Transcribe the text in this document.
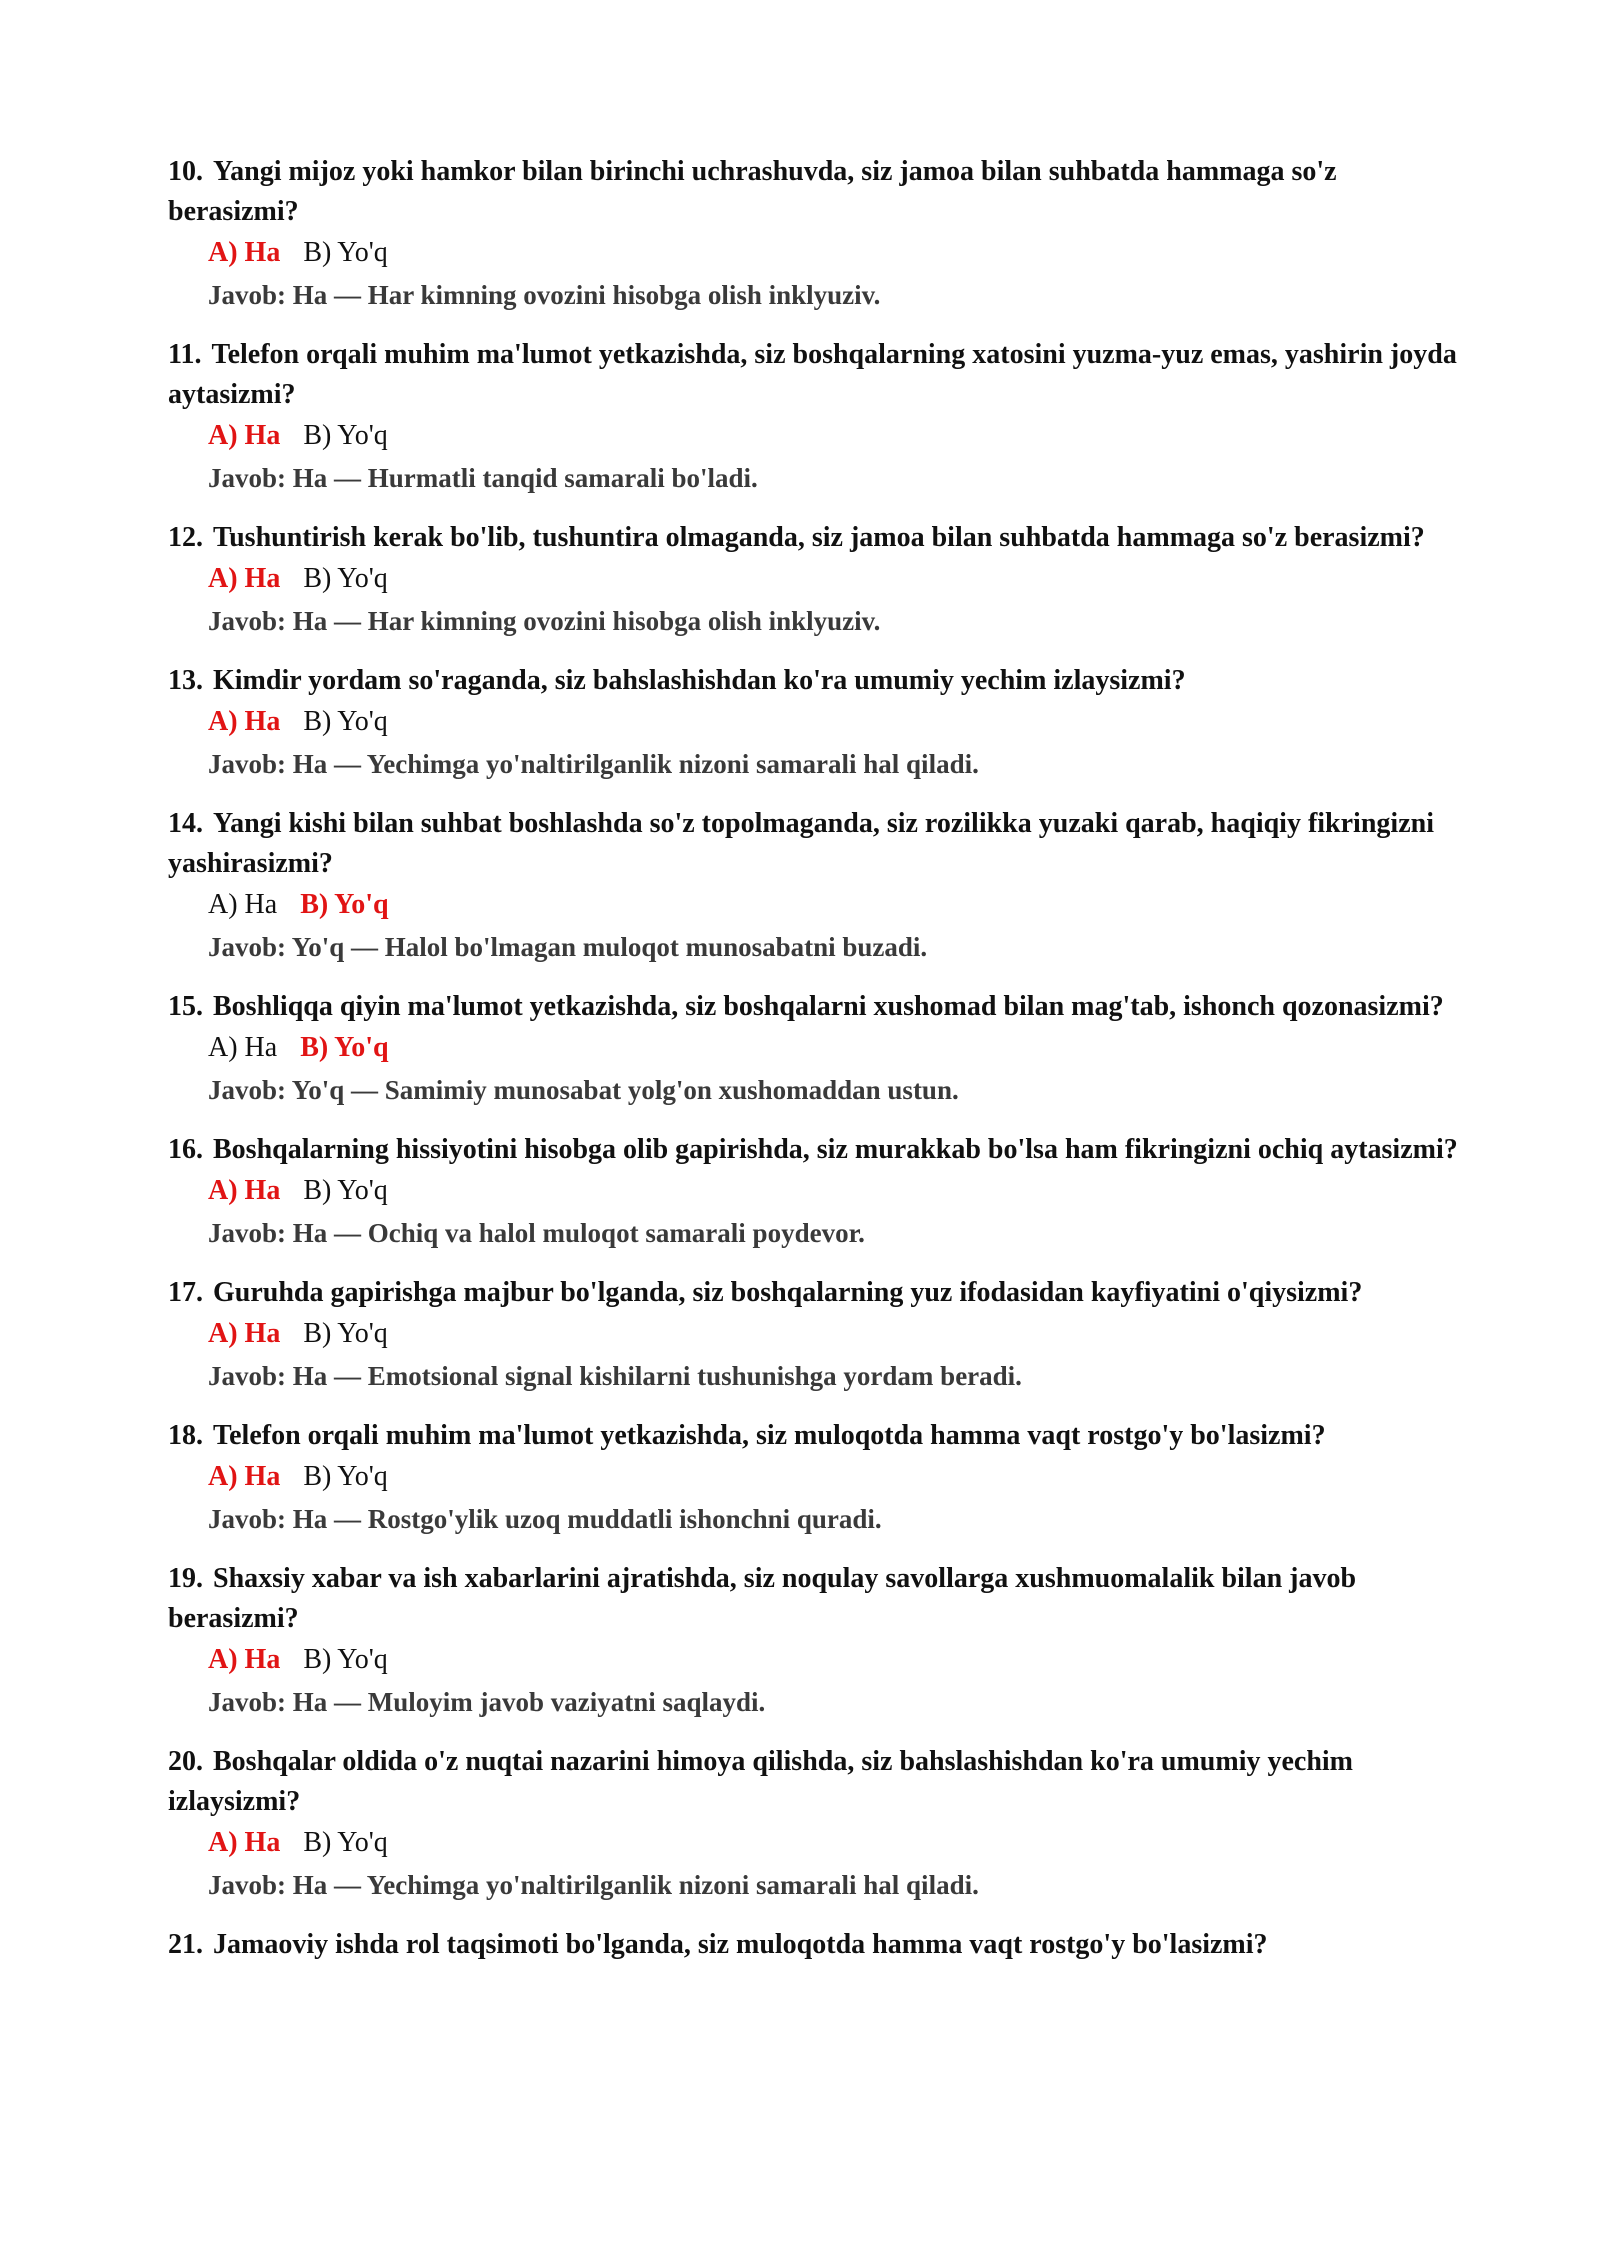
10. Yangi mijoz yoki hamkor bilan birinchi uchrashuvda, siz jamoa bilan suhbatda hammaga so'z berasizmi?
A) Ha B) Yo'q
Javob: Ha — Har kimning ovozini hisobga olish inklyuziv.
11. Telefon orqali muhim ma'lumot yetkazishda, siz boshqalarning xatosini yuzma-yuz emas, yashirin joyda aytasizmi?
A) Ha B) Yo'q
Javob: Ha — Hurmatli tanqid samarali bo'ladi.
12. Tushuntirish kerak bo'lib, tushuntira olmaganda, siz jamoa bilan suhbatda hammaga so'z berasizmi?
A) Ha B) Yo'q
Javob: Ha — Har kimning ovozini hisobga olish inklyuziv.
13. Kimdir yordam so'raganda, siz bahslashishdan ko'ra umumiy yechim izlaysizmi?
A) Ha B) Yo'q
Javob: Ha — Yechimga yo'naltirilganlik nizoni samarali hal qiladi.
14. Yangi kishi bilan suhbat boshlashda so'z topolmaganda, siz rozilikka yuzaki qarab, haqiqiy fikringizni yashirasizmi?
A) Ha B) Yo'q
Javob: Yo'q — Halol bo'lmagan muloqot munosabatni buzadi.
15. Boshliqqa qiyin ma'lumot yetkazishda, siz boshqalarni xushomad bilan mag'tab, ishonch qozonasizmi?
A) Ha B) Yo'q
Javob: Yo'q — Samimiy munosabat yolg'on xushomaddan ustun.
16. Boshqalarning hissiyotini hisobga olib gapirishda, siz murakkab bo'lsa ham fikringizni ochiq aytasizmi?
A) Ha B) Yo'q
Javob: Ha — Ochiq va halol muloqot samarali poydevor.
17. Guruhda gapirishga majbur bo'lganda, siz boshqalarning yuz ifodasidan kayfiyatini o'qiysizmi?
A) Ha B) Yo'q
Javob: Ha — Emotsional signal kishilarni tushunishga yordam beradi.
18. Telefon orqali muhim ma'lumot yetkazishda, siz muloqotda hamma vaqt rostgo'y bo'lasizmi?
A) Ha B) Yo'q
Javob: Ha — Rostgo'ylik uzoq muddatli ishonchni quradi.
19. Shaxsiy xabar va ish xabarlarini ajratishda, siz noqulay savollarga xushmuomalalik bilan javob berasizmi?
A) Ha B) Yo'q
Javob: Ha — Muloyim javob vaziyatni saqlaydi.
20. Boshqalar oldida o'z nuqtai nazarini himoya qilishda, siz bahslashishdan ko'ra umumiy yechim izlaysizmi?
A) Ha B) Yo'q
Javob: Ha — Yechimga yo'naltirilganlik nizoni samarali hal qiladi.
21. Jamaoviy ishda rol taqsimoti bo'lganda, siz muloqotda hamma vaqt rostgo'y bo'lasizmi?
